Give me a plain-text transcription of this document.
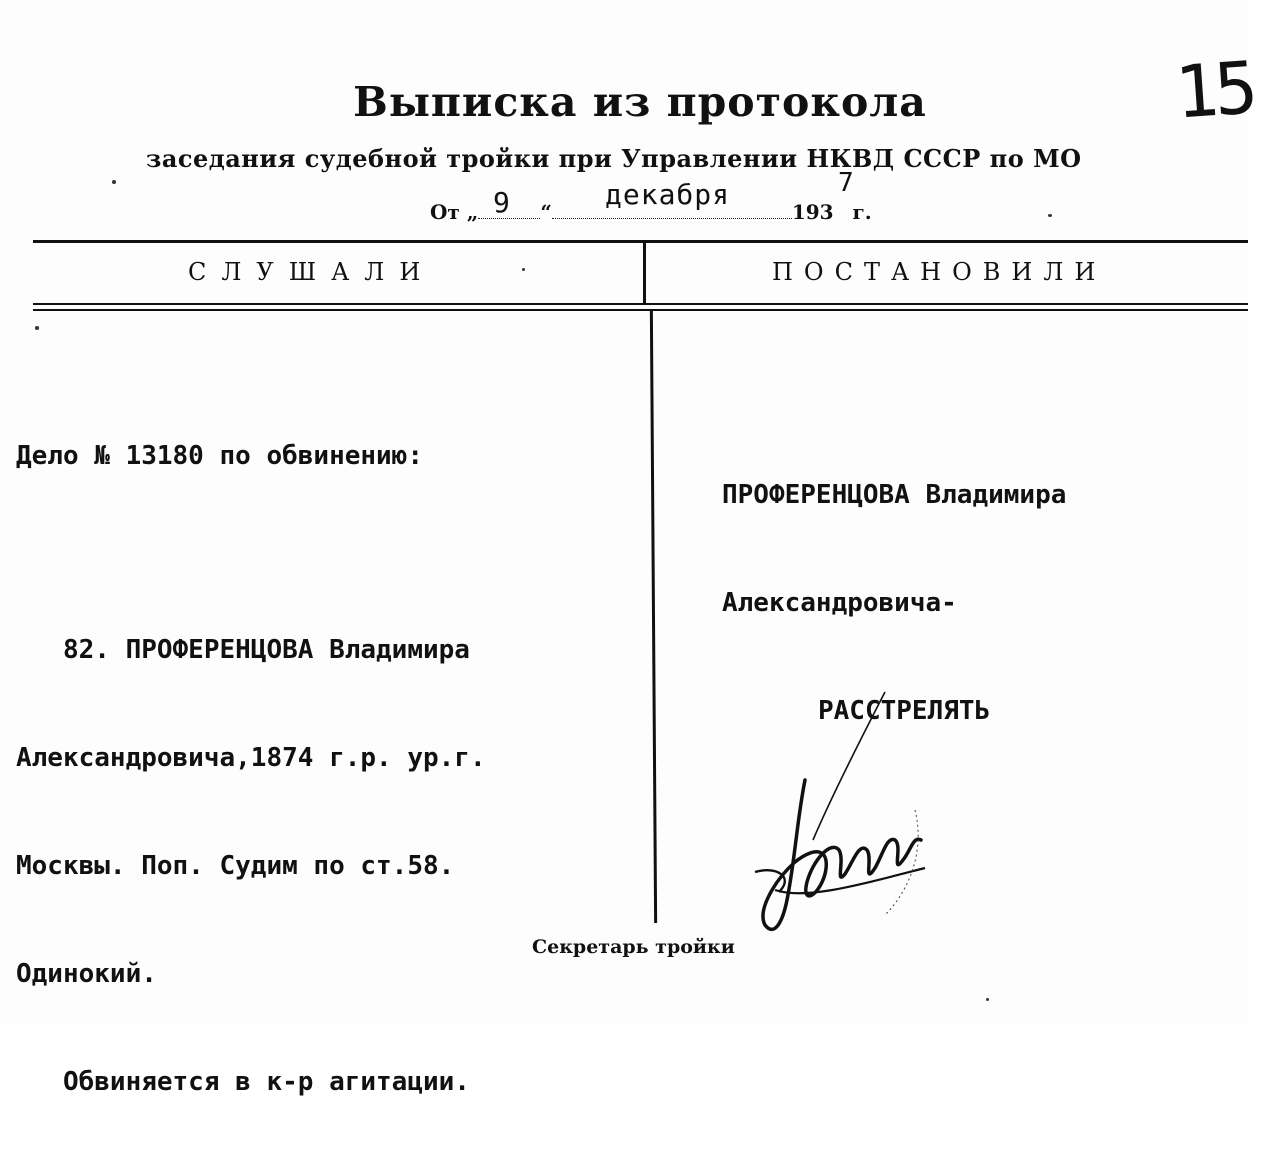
15
Выписка из протокола
заседания судебной тройки при Управлении НКВД СССР по МО
От „	“	193 г.
9	декабря	7
СЛУШАЛИ	ПОСТАНОВИЛИ

Дело № 13180 по обвинению:

82. ПРОФЕРЕНЦОВА Владимира

Александровича,1874 г.р. ур.г.

Москвы. Поп. Судим по ст.58.

Одинокий.

Обвиняется в к-р агитации.

ПРОФЕРЕНЦОВА Владимира

Александровича-

РАССТРЕЛЯТЬ

Секретарь тройки
